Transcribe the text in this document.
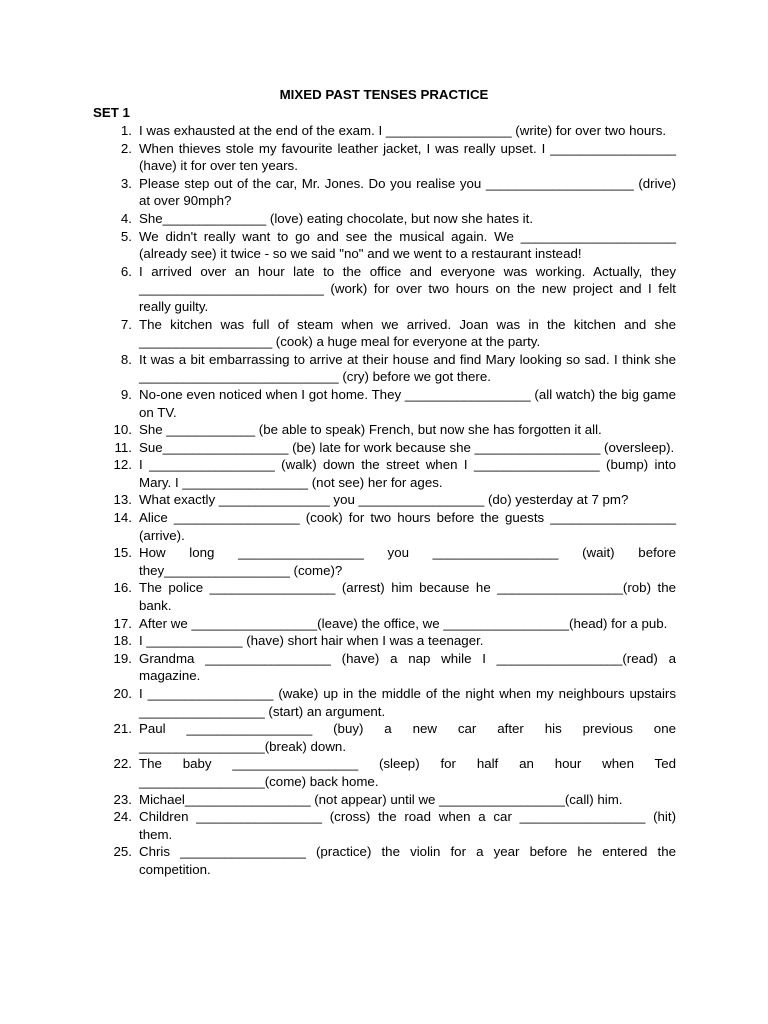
MIXED PAST TENSES PRACTICE
SET 1
1. I was exhausted at the end of the exam. I _________________ (write) for over two hours.
2. When thieves stole my favourite leather jacket, I was really upset. I _________________ (have) it for over ten years.
3. Please step out of the car, Mr. Jones. Do you realise you ____________________ (drive) at over 90mph?
4. She______________ (love) eating chocolate, but now she hates it.
5. We didn't really want to go and see the musical again. We _____________________ (already see) it twice - so we said "no" and we went to a restaurant instead!
6. I arrived over an hour late to the office and everyone was working. Actually, they _________________________ (work) for over two hours on the new project and I felt really guilty.
7. The kitchen was full of steam when we arrived. Joan was in the kitchen and she __________________ (cook) a huge meal for everyone at the party.
8. It was a bit embarrassing to arrive at their house and find Mary looking so sad. I think she ___________________________ (cry) before we got there.
9. No-one even noticed when I got home. They _________________ (all watch) the big game on TV.
10. She ____________ (be able to speak) French, but now she has forgotten it all.
11. Sue_________________ (be) late for work because she _________________ (oversleep).
12. I _________________ (walk) down the street when I _________________ (bump) into Mary. I _________________ (not see) her for ages.
13. What exactly _______________ you _________________ (do) yesterday at 7 pm?
14. Alice _________________ (cook) for two hours before the guests _________________ (arrive).
15. How long _________________ you _________________ (wait) before they_________________ (come)?
16. The police _________________ (arrest) him because he _________________(rob) the bank.
17. After we _________________(leave) the office, we _________________(head) for a pub.
18. I _____________ (have) short hair when I was a teenager.
19. Grandma _________________ (have) a nap while I _________________(read) a magazine.
20. I _________________ (wake) up in the middle of the night when my neighbours upstairs _________________ (start) an argument.
21. Paul _________________ (buy) a new car after his previous one _________________(break) down.
22. The baby _________________ (sleep) for half an hour when Ted _________________(come) back home.
23. Michael_________________ (not appear) until we _________________(call) him.
24. Children _________________ (cross) the road when a car _________________ (hit) them.
25. Chris _________________ (practice) the violin for a year before he entered the competition.
